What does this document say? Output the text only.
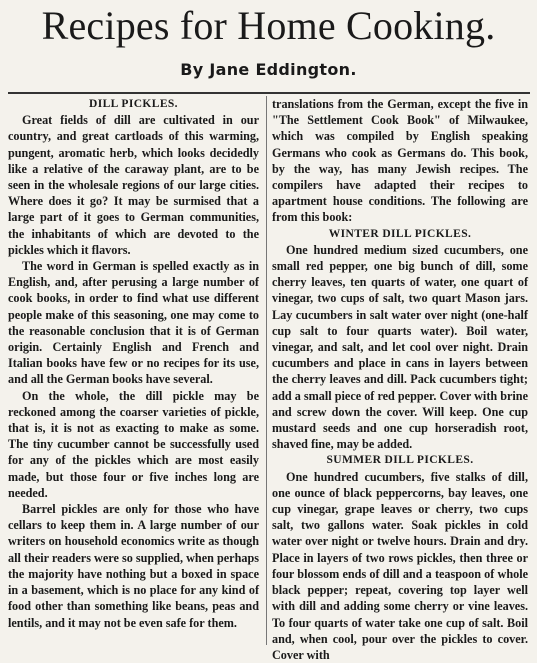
Recipes for Home Cooking.
By Jane Eddington.
DILL PICKLES.

Great fields of dill are cultivated in our country, and great cartloads of this warming, pungent, aromatic herb, which looks decidedly like a relative of the caraway plant, are to be seen in the wholesale regions of our large cities. Where does it go? It may be surmised that a large part of it goes to German communities, the inhabitants of which are devoted to the pickles which it flavors.

The word in German is spelled exactly as in English, and, after perusing a large number of cook books, in order to find what use different people make of this seasoning, one may come to the reasonable conclusion that it is of German origin. Certainly English and French and Italian books have few or no recipes for its use, and all the German books have several.

On the whole, the dill pickle may be reckoned among the coarser varieties of pickle, that is, it is not as exacting to make as some. The tiny cucumber cannot be successfully used for any of the pickles which are most easily made, but those four or five inches long are needed.

Barrel pickles are only for those who have cellars to keep them in. A large number of our writers on household economics write as though all their readers were so supplied, when perhaps the majority have nothing but a boxed in space in a basement, which is no place for any kind of food other than something like beans, peas and lentils, and it may not be even safe for them.

translations from the German, except the five in "The Settlement Cook Book" of Milwaukee, which was compiled by English speaking Germans who cook as Germans do. This book, by the way, has many Jewish recipes. The compilers have adapted their recipes to apartment house conditions. The following are from this book:

WINTER DILL PICKLES.

One hundred medium sized cucumbers, one small red pepper, one big bunch of dill, some cherry leaves, ten quarts of water, one quart of vinegar, two cups of salt, two quart Mason jars. Lay cucumbers in salt water over night (one-half cup salt to four quarts water). Boil water, vinegar, and salt, and let cool over night. Drain cucumbers and place in cans in layers between the cherry leaves and dill. Pack cucumbers tight; add a small piece of red pepper. Cover with brine and screw down the cover. Will keep. One cup mustard seeds and one cup horseradish root, shaved fine, may be added.

SUMMER DILL PICKLES.

One hundred cucumbers, five stalks of dill, one ounce of black peppercorns, bay leaves, one cup vinegar, grape leaves or cherry, two cups salt, two gallons water. Soak pickles in cold water over night or twelve hours. Drain and dry. Place in layers of two rows pickles, then three or four blossom ends of dill and a teaspoon of whole black pepper; repeat, covering top layer well with dill and adding some cherry or vine leaves. To four quarts of water take one cup of salt. Boil and, when cool, pour over the pickles to cover. Cover with
